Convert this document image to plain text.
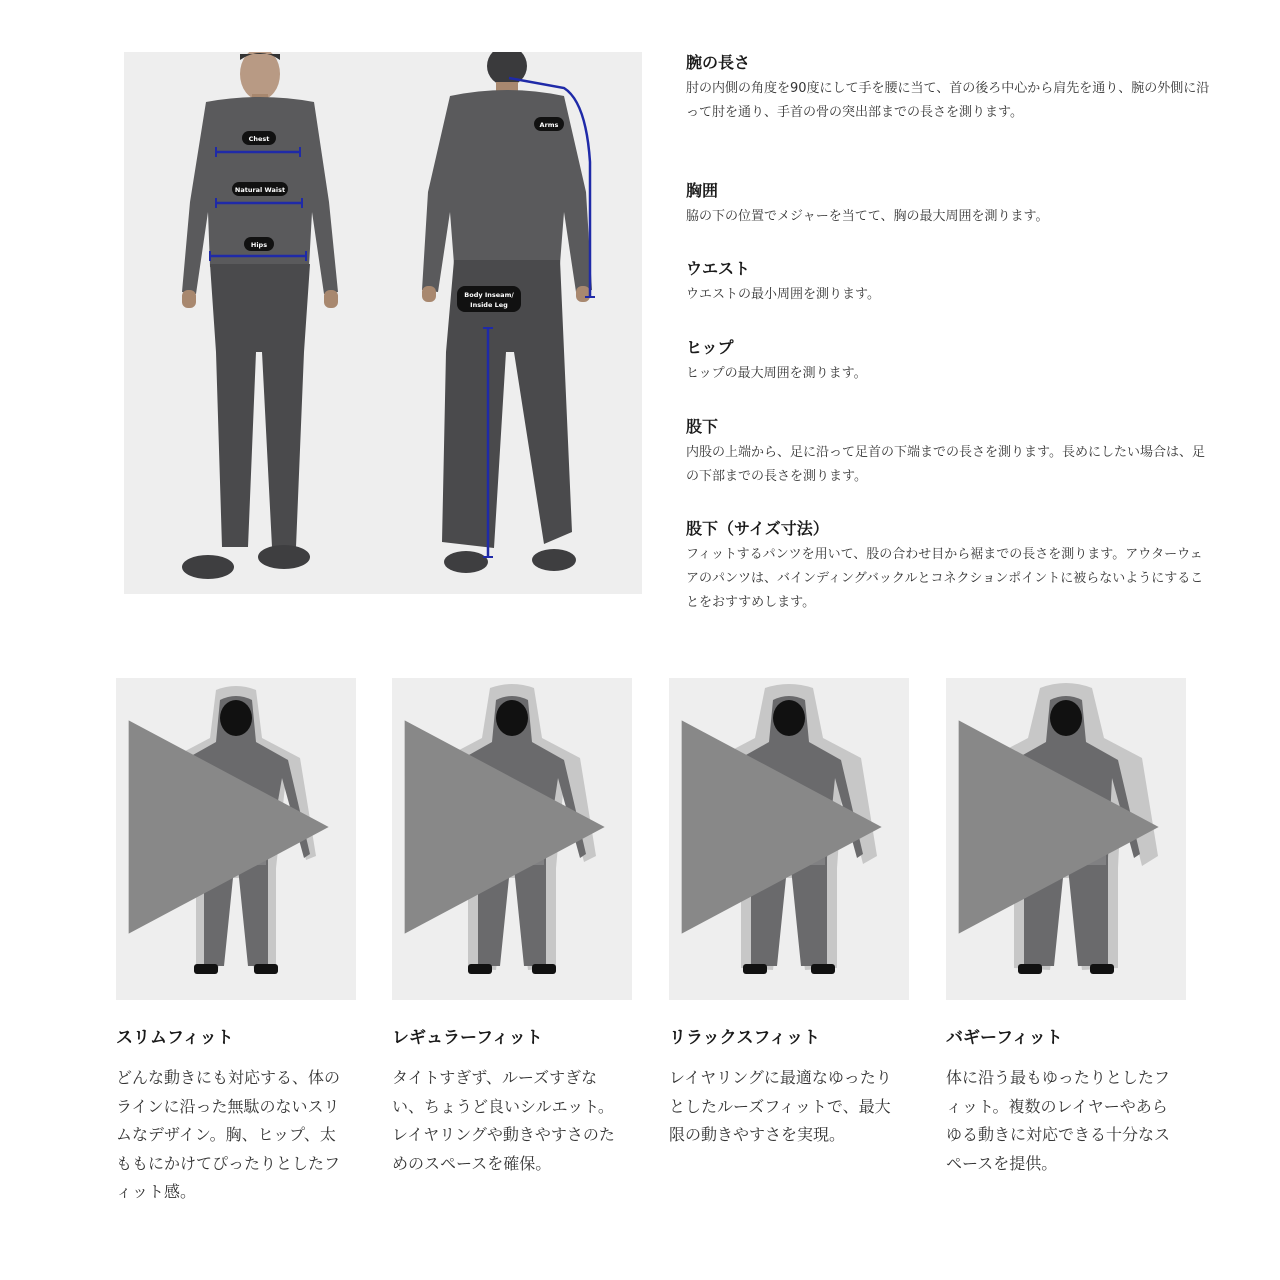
Chest
Natural Waist
Hips
Arms
Body Inseam/
Inside Leg
腕の長さ
肘の内側の角度を90度にして手を腰に当て、首の後ろ中心から肩先を通り、腕の外側に沿って肘を通り、手首の骨の突出部までの長さを測ります。
胸囲
脇の下の位置でメジャーを当てて、胸の最大周囲を測ります。
ウエスト
ウエストの最小周囲を測ります。
ヒップ
ヒップの最大周囲を測ります。
股下
内股の上端から、足に沿って足首の下端までの長さを測ります。長めにしたい場合は、足の下部までの長さを測ります。
股下（サイズ寸法）
フィットするパンツを用いて、股の合わせ目から裾までの長さを測ります。アウターウェアのパンツは、バインディングバックルとコネクションポイントに被らないようにすることをおすすめします。
スリムフィット
どんな動きにも対応する、体のラインに沿った無駄のないスリムなデザイン。胸、ヒップ、太ももにかけてぴったりとしたフィット感。
レギュラーフィット
タイトすぎず、ルーズすぎない、ちょうど良いシルエット。レイヤリングや動きやすさのためのスペースを確保。
リラックスフィット
レイヤリングに最適なゆったりとしたルーズフィットで、最大限の動きやすさを実現。
バギーフィット
体に沿う最もゆったりとしたフィット。複数のレイヤーやあらゆる動きに対応できる十分なスペースを提供。
